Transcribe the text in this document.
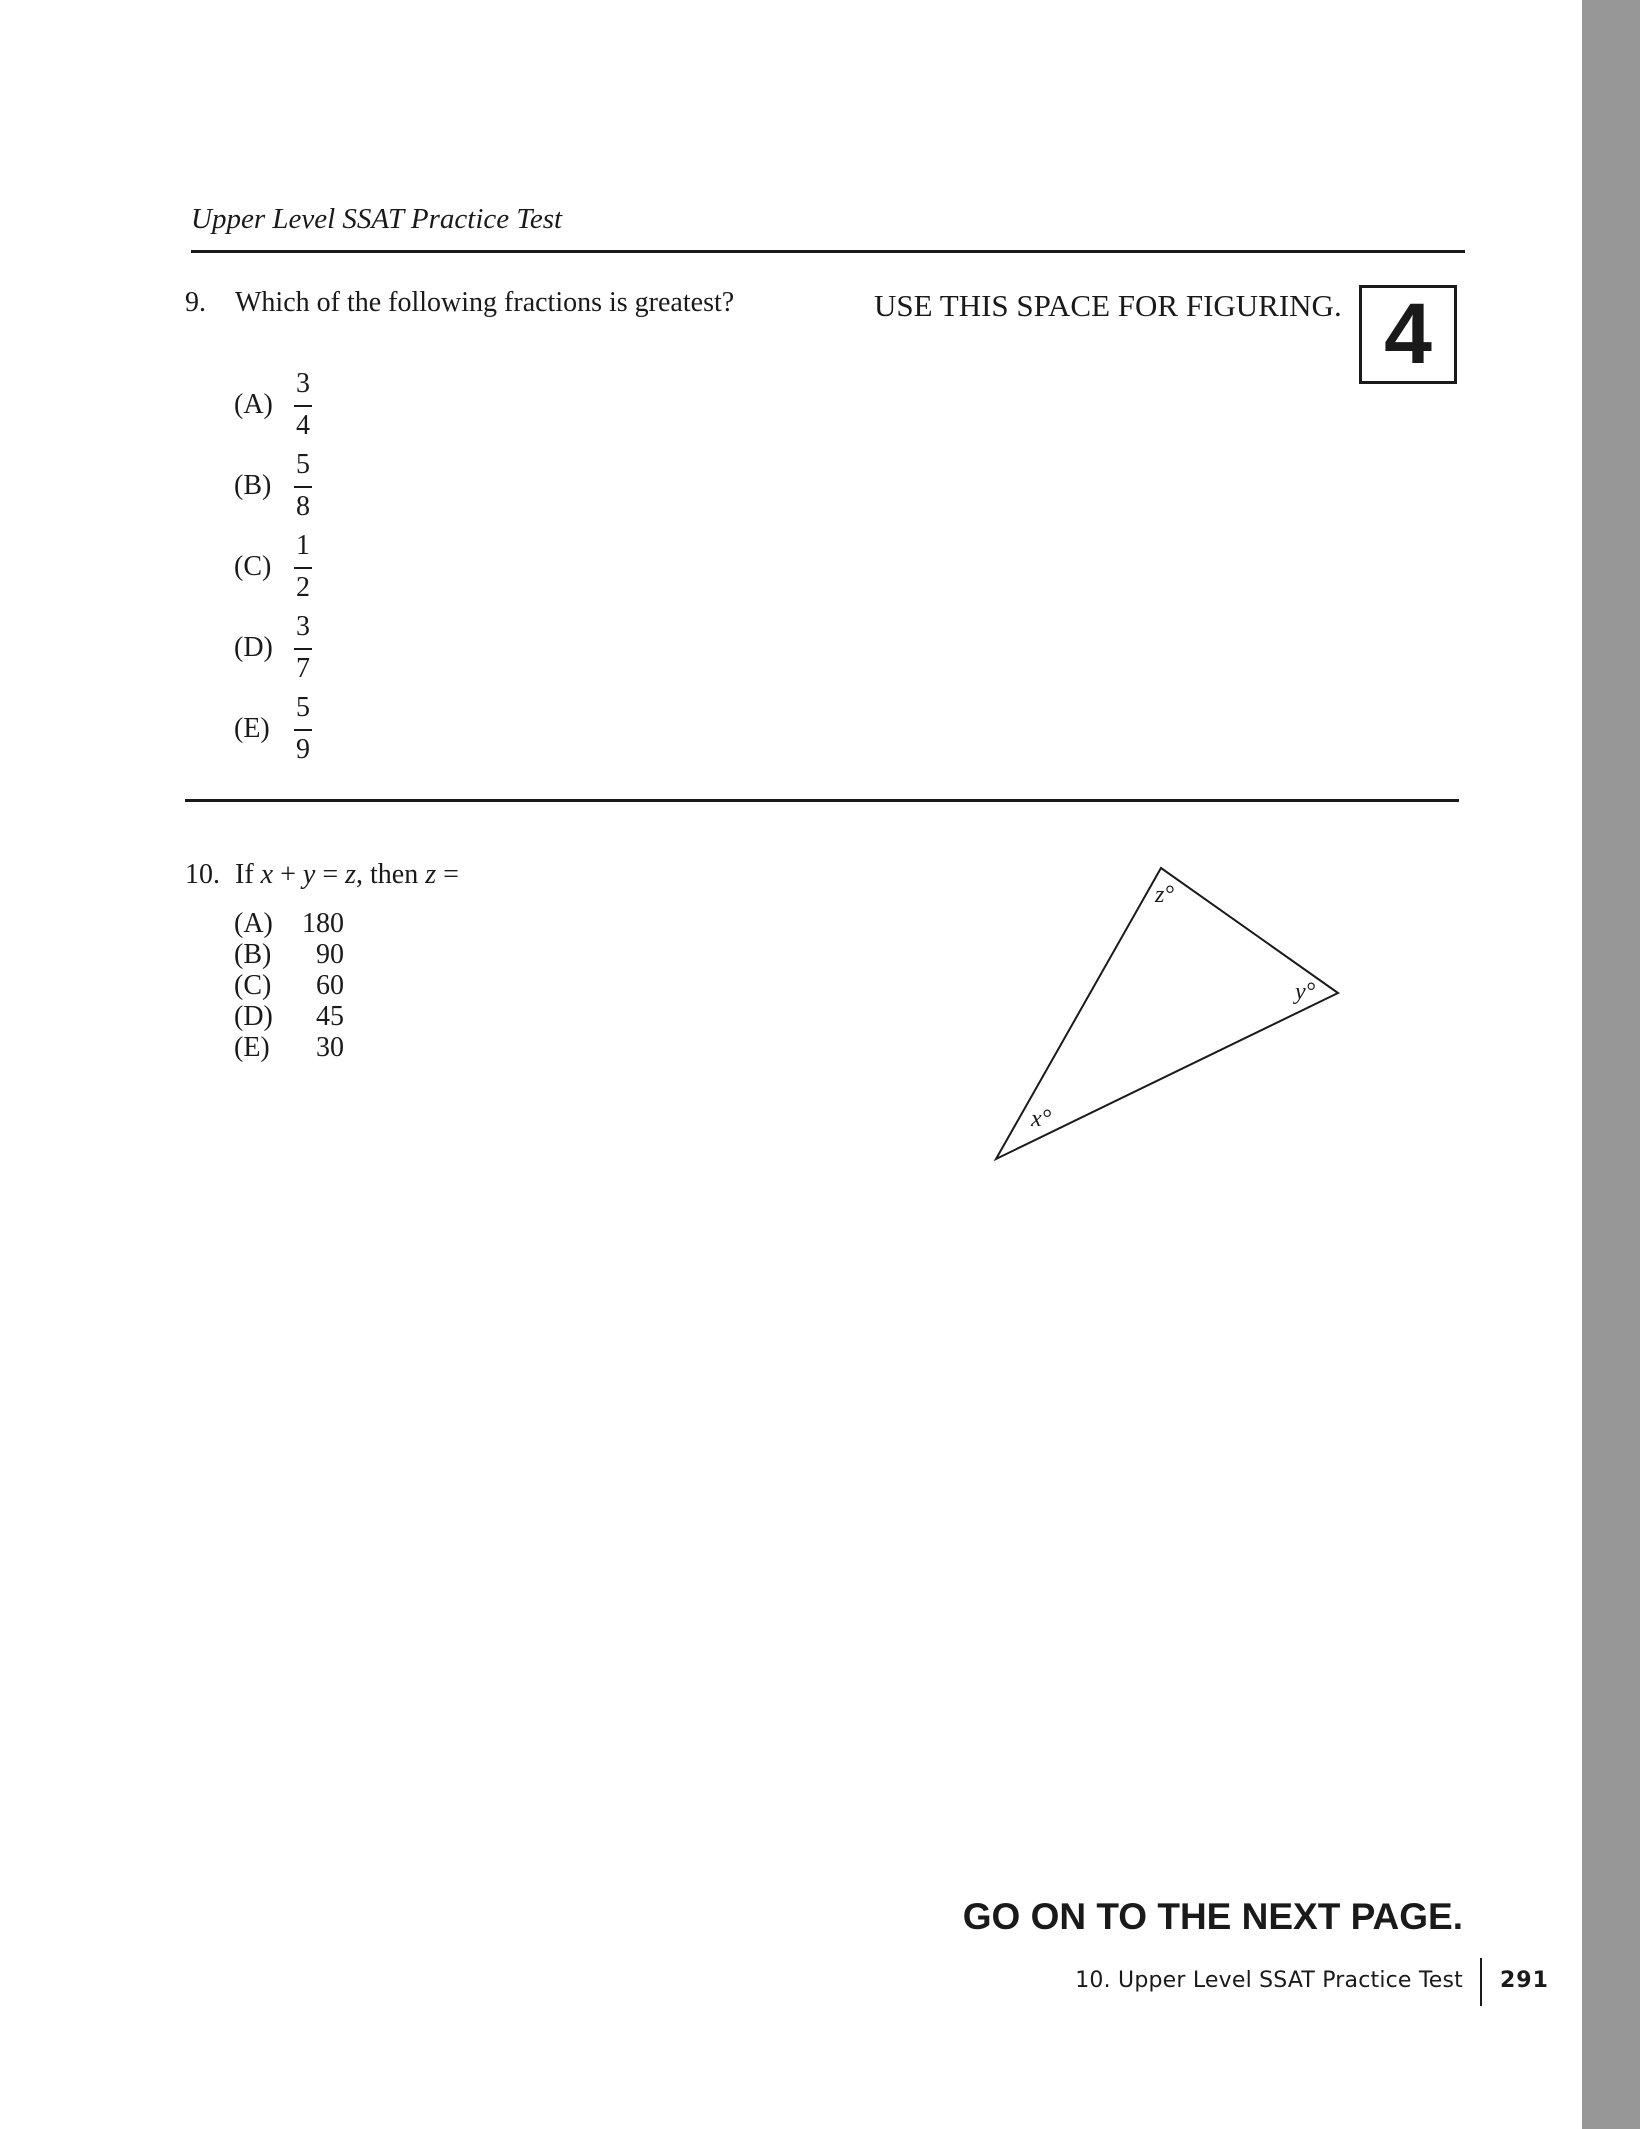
Upper Level SSAT Practice Test
9. Which of the following fractions is greatest?	USE THIS SPACE FOR FIGURING. 4
(A)
3
4
(B)
5
8
(C)
1
2
(D)
3
7
(E)
5
9
10. If x + y = z, then z =
(A) 180
(B) 90
(C) 60
(D) 45
(E) 30
z°
y°
x°
GO ON TO THE NEXT PAGE.
10. Upper Level SSAT Practice Test 291
